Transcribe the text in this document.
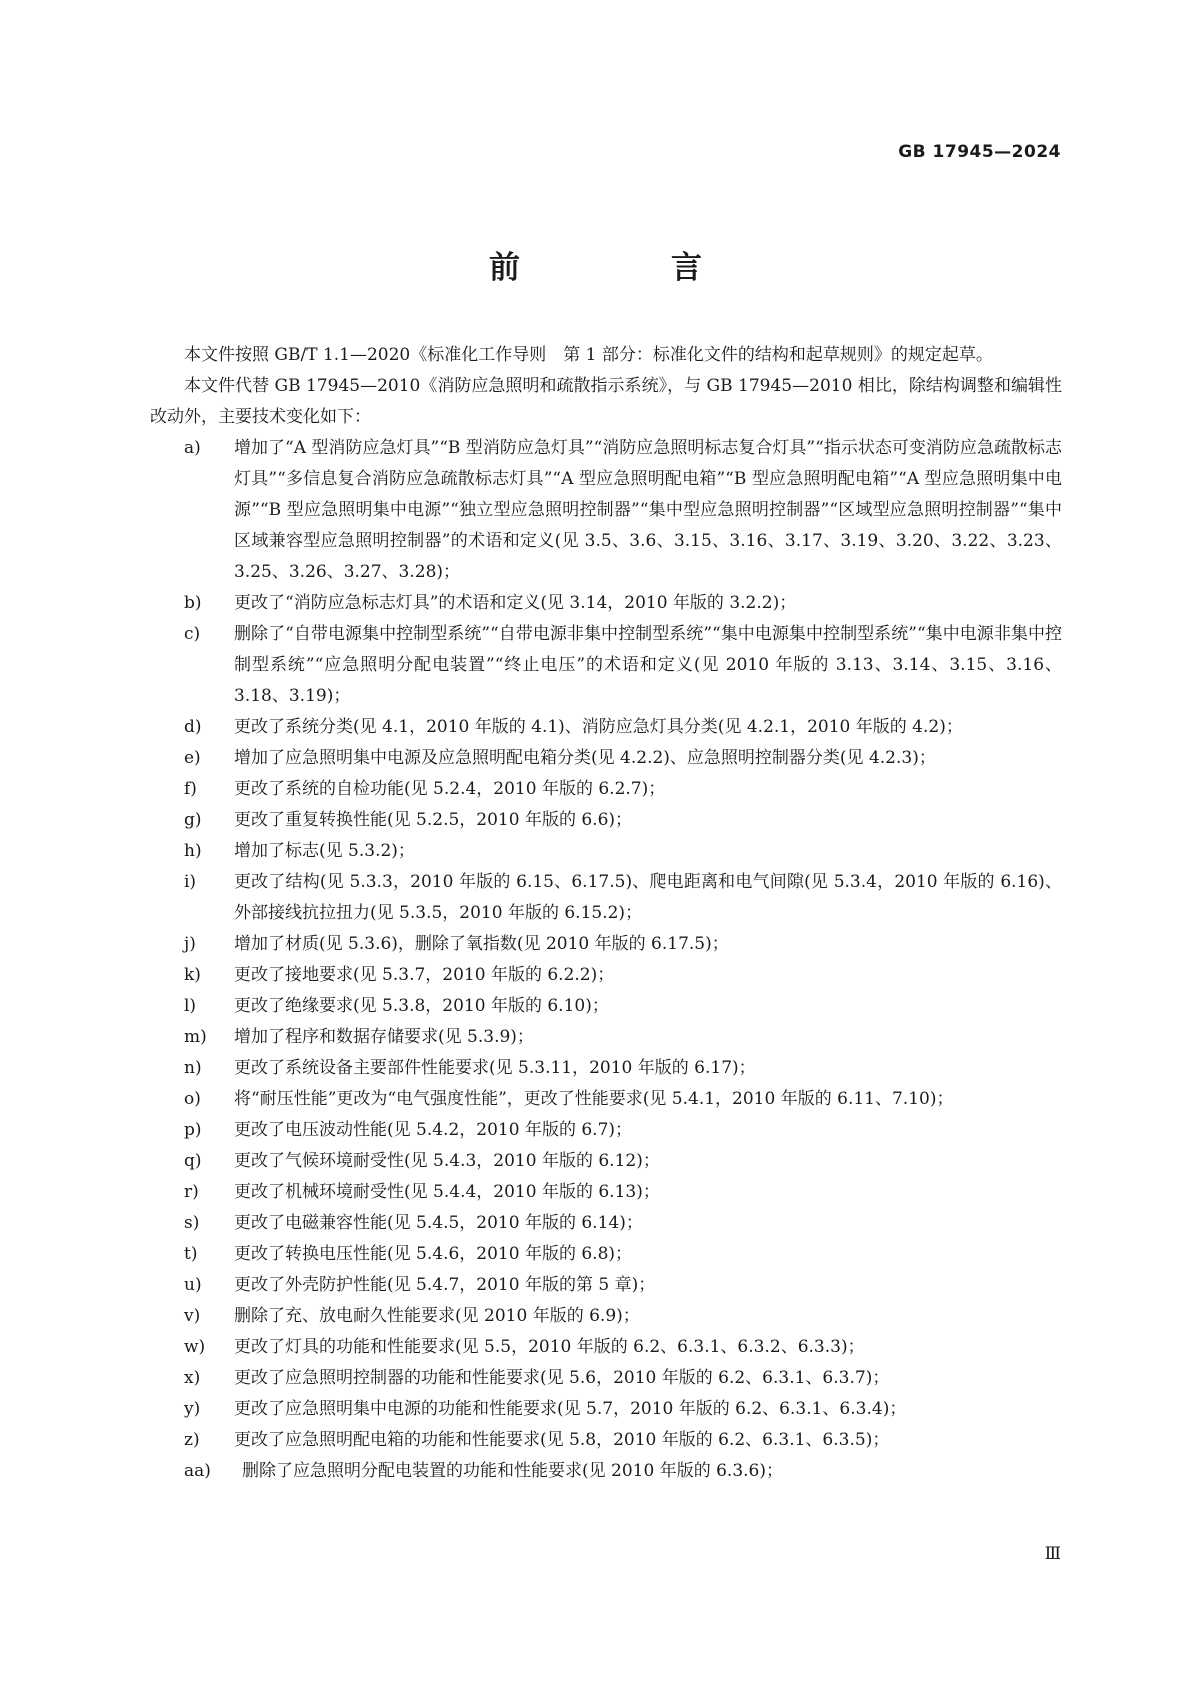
GB 17945—2024
前　言

本文件按照 GB/T 1.1—2020《标准化工作导则　第 1 部分：标准化文件的结构和起草规则》的规定起草。

本文件代替 GB 17945—2010《消防应急照明和疏散指示系统》，与 GB 17945—2010 相比，除结构调整和编辑性改动外，主要技术变化如下：

a)	增加了“A 型消防应急灯具”“B 型消防应急灯具”“消防应急照明标志复合灯具”“指示状态可变消防应急疏散标志灯具”“多信息复合消防应急疏散标志灯具”“A 型应急照明配电箱”“B 型应急照明配电箱”“A 型应急照明集中电源”“B 型应急照明集中电源”“独立型应急照明控制器”“集中型应急照明控制器”“区域型应急照明控制器”“集中区域兼容型应急照明控制器”的术语和定义(见 3.5、3.6、3.15、3.16、3.17、3.19、3.20、3.22、3.23、3.25、3.26、3.27、3.28)；
b)	更改了“消防应急标志灯具”的术语和定义(见 3.14，2010 年版的 3.2.2)；
c)	删除了“自带电源集中控制型系统”“自带电源非集中控制型系统”“集中电源集中控制型系统”“集中电源非集中控制型系统”“应急照明分配电装置”“终止电压”的术语和定义(见 2010 年版的 3.13、3.14、3.15、3.16、3.18、3.19)；
d)	更改了系统分类(见 4.1，2010 年版的 4.1)、消防应急灯具分类(见 4.2.1，2010 年版的 4.2)；
e)	增加了应急照明集中电源及应急照明配电箱分类(见 4.2.2)、应急照明控制器分类(见 4.2.3)；
f)	更改了系统的自检功能(见 5.2.4，2010 年版的 6.2.7)；
g)	更改了重复转换性能(见 5.2.5，2010 年版的 6.6)；
h)	增加了标志(见 5.3.2)；
i)	更改了结构(见 5.3.3，2010 年版的 6.15、6.17.5)、爬电距离和电气间隙(见 5.3.4，2010 年版的 6.16)、外部接线抗拉扭力(见 5.3.5，2010 年版的 6.15.2)；
j)	增加了材质(见 5.3.6)，删除了氧指数(见 2010 年版的 6.17.5)；
k)	更改了接地要求(见 5.3.7，2010 年版的 6.2.2)；
l)	更改了绝缘要求(见 5.3.8，2010 年版的 6.10)；
m)	增加了程序和数据存储要求(见 5.3.9)；
n)	更改了系统设备主要部件性能要求(见 5.3.11，2010 年版的 6.17)；
o)	将“耐压性能”更改为“电气强度性能”，更改了性能要求(见 5.4.1，2010 年版的 6.11、7.10)；
p)	更改了电压波动性能(见 5.4.2，2010 年版的 6.7)；
q)	更改了气候环境耐受性(见 5.4.3，2010 年版的 6.12)；
r)	更改了机械环境耐受性(见 5.4.4，2010 年版的 6.13)；
s)	更改了电磁兼容性能(见 5.4.5，2010 年版的 6.14)；
t)	更改了转换电压性能(见 5.4.6，2010 年版的 6.8)；
u)	更改了外壳防护性能(见 5.4.7，2010 年版的第 5 章)；
v)	删除了充、放电耐久性能要求(见 2010 年版的 6.9)；
w)	更改了灯具的功能和性能要求(见 5.5，2010 年版的 6.2、6.3.1、6.3.2、6.3.3)；
x)	更改了应急照明控制器的功能和性能要求(见 5.6，2010 年版的 6.2、6.3.1、6.3.7)；
y)	更改了应急照明集中电源的功能和性能要求(见 5.7，2010 年版的 6.2、6.3.1、6.3.4)；
z)	更改了应急照明配电箱的功能和性能要求(见 5.8，2010 年版的 6.2、6.3.1、6.3.5)；
aa)	删除了应急照明分配电装置的功能和性能要求(见 2010 年版的 6.3.6)；
Ⅲ
